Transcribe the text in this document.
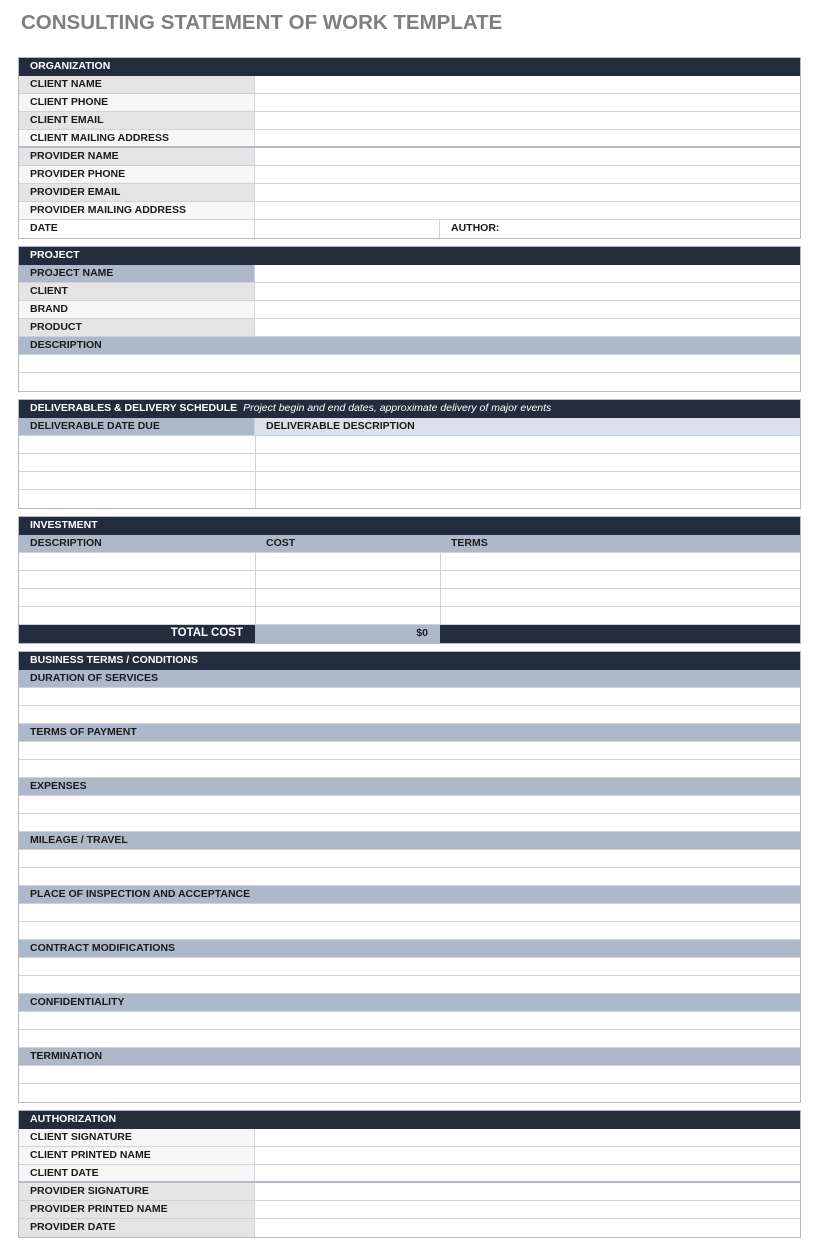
CONSULTING STATEMENT OF WORK TEMPLATE
ORGANIZATION
CLIENT NAME
CLIENT PHONE
CLIENT EMAIL
CLIENT MAILING ADDRESS
PROVIDER NAME
PROVIDER PHONE
PROVIDER EMAIL
PROVIDER MAILING ADDRESS
DATE	AUTHOR:
PROJECT
PROJECT NAME
CLIENT
BRAND
PRODUCT
DESCRIPTION
DELIVERABLES & DELIVERY SCHEDULE Project begin and end dates, approximate delivery of major events
DELIVERABLE DATE DUE	DELIVERABLE DESCRIPTION
INVESTMENT
DESCRIPTION	COST	TERMS
TOTAL COST	$0
BUSINESS TERMS / CONDITIONS
DURATION OF SERVICES
TERMS OF PAYMENT
EXPENSES
MILEAGE / TRAVEL
PLACE OF INSPECTION AND ACCEPTANCE
CONTRACT MODIFICATIONS
CONFIDENTIALITY
TERMINATION
AUTHORIZATION
CLIENT SIGNATURE
CLIENT PRINTED NAME
CLIENT DATE
PROVIDER SIGNATURE
PROVIDER PRINTED NAME
PROVIDER DATE
